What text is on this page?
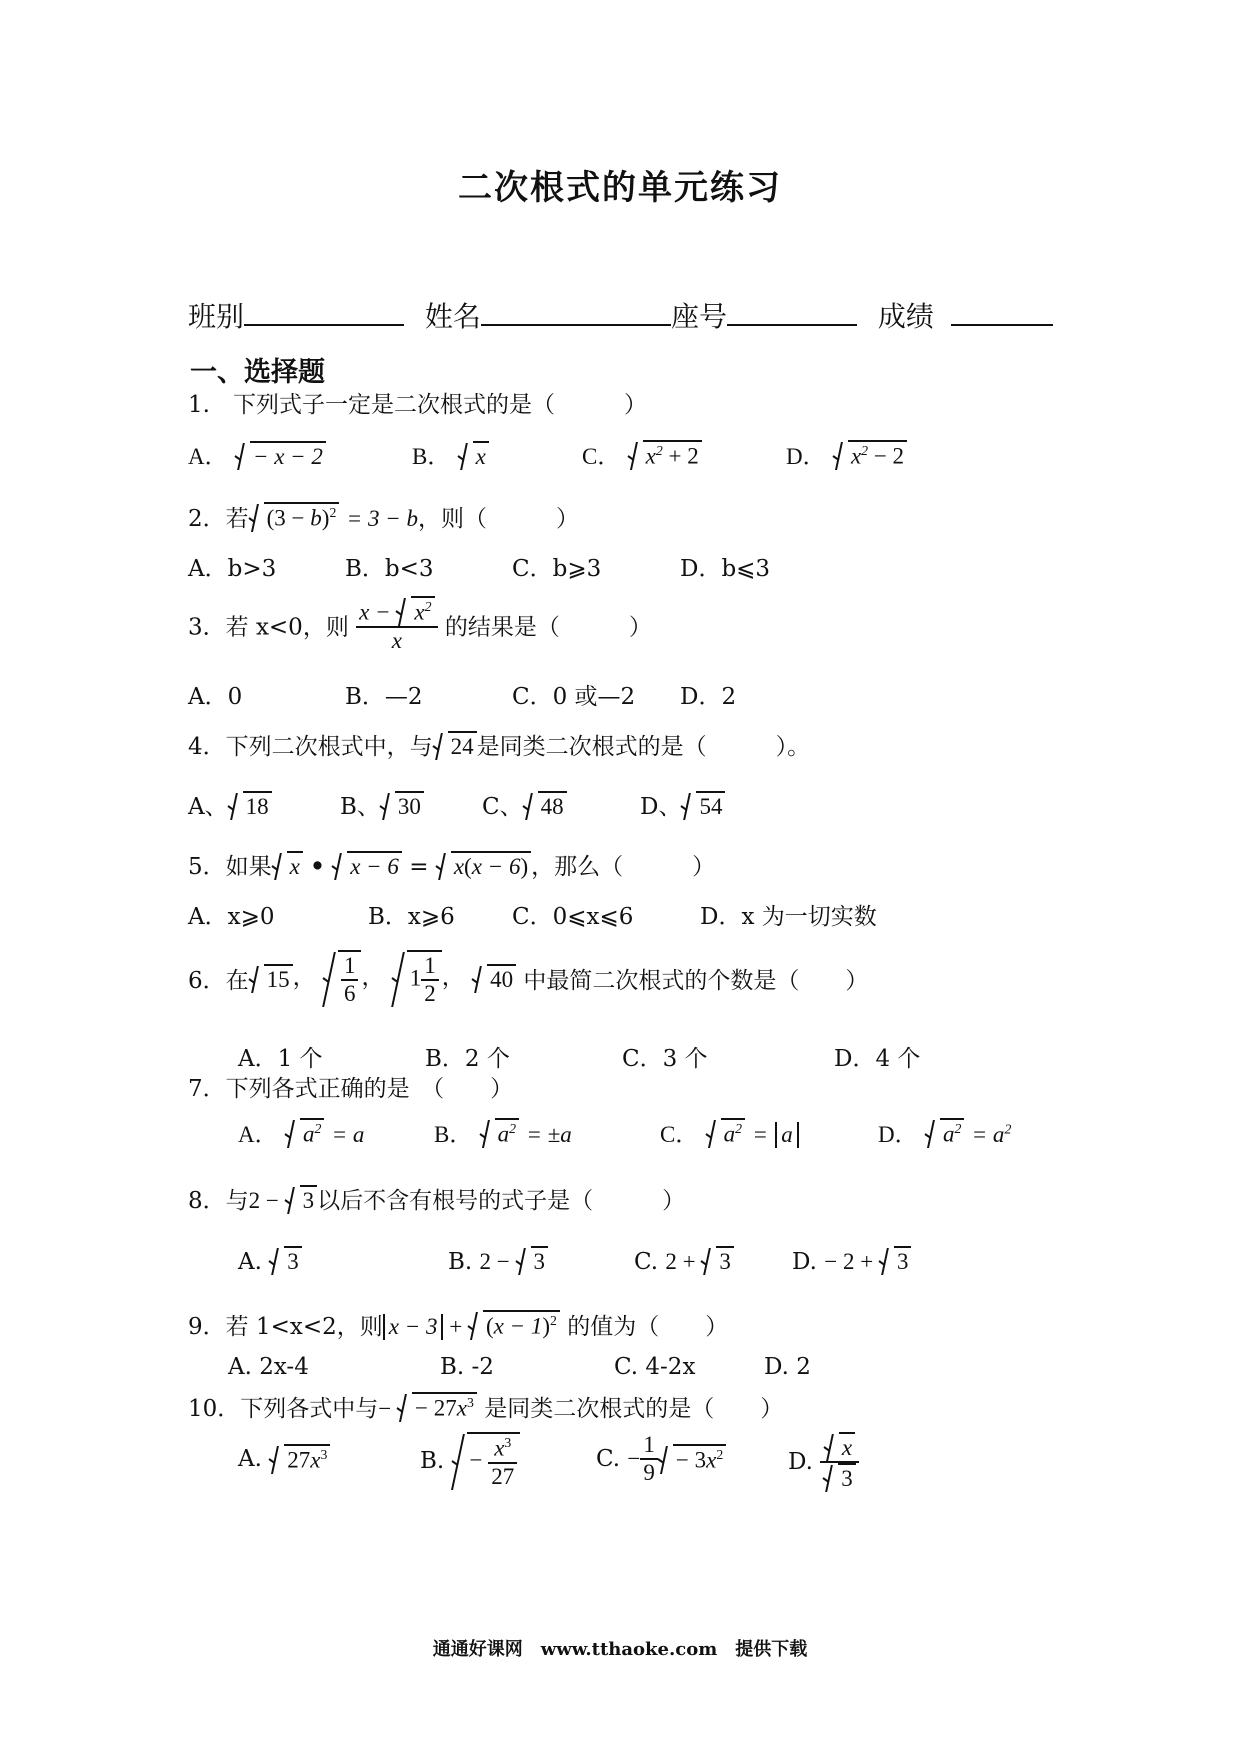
二次根式的单元练习
班别	姓名	座号	成绩
一、选择题
1.　下列式子一定是二次根式的是（　　　）
A． − x − 2	B． x	C． $x^2 + 2$	D． $x^2 - 2$
2．若 $(3 - b)^2 = 3 - b$，则（　　　）
A．b>3	B．b<3	C．b⩾3	D．b⩽3
3．若 x<0，则 $\frac{x - x^2}{x}$ 的结果是（　　　）
A．0	B．—2	C．0 或—2 D．2
4．下列二次根式中，与 24 是同类二次根式的是（　　　）。
A、 18	B、 30	C、 48	D、 54
5．如果 x • x − 6 = x(x − 6) ，那么（　　　）
A．x⩾0	B．x⩾6 C．0⩽x⩽6	D．x 为一切实数
6．在 15 ， $\frac{1}{6}$ ， $1 \frac{1}{2}$ ， 40 中最简二次根式的个数是（　　）
A．1 个	B．2 个	C．3 个	D．4 个
7．下列各式正确的是　（　　）
A． $a^2 = a$	B． $a^2 = \pm a$	C． $a^2 = a$	D． $a^2 = a^2$
8．与2 − 3 以后不含有根号的式子是（　　　）
A. 3	B. 2 − 3	C. 2 + 3	D. − 2 + 3
9．若 1<x<2，则 $x - 3 + (x - 1)^2$ 的值为（　　）
A. 2x-4	B. -2	C. 4-2x	D. 2
10．下列各式中与− − $27x^3$ 是同类二次根式的是（　　）
A. $27x^3$	B. − $\frac{x^3}{27}$	C. − $\frac{1}{9} - 3x^2$	D. $\frac{x}{3}$
通通好课网　www.tthaoke.com　提供下载
